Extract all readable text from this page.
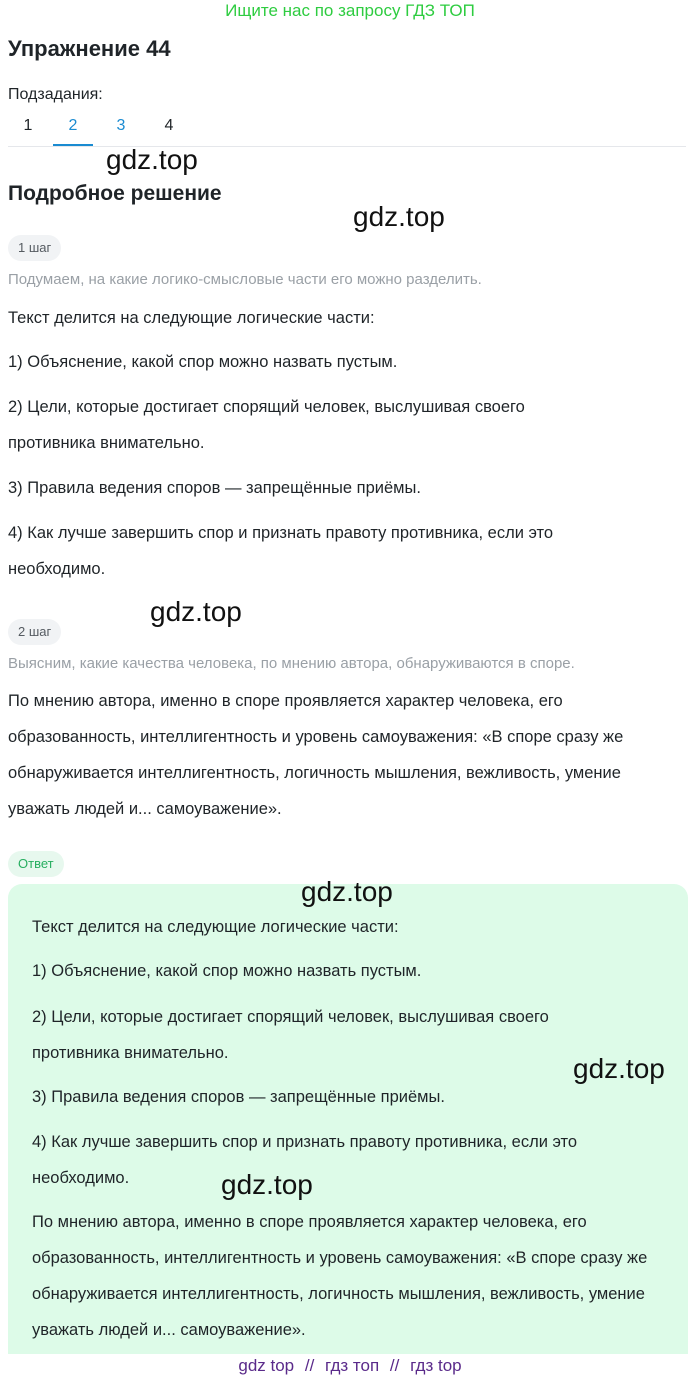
Ищите нас по запросу ГДЗ ТОП
Упражнение 44
Подзадания:
1	2	3	4
Подробное решение
1 шаг
Подумаем, на какие логико-смысловые части его можно разделить.

Текст делится на следующие логические части:

1) Объяснение, какой спор можно назвать пустым.

2) Цели, которые достигает спорящий человек, выслушивая своего противника внимательно.

3) Правила ведения споров — запрещённые приёмы.

4) Как лучше завершить спор и признать правоту противника, если это необходимо.

2 шаг
Выясним, какие качества человека, по мнению автора, обнаруживаются в споре.

По мнению автора, именно в споре проявляется характер человека, его образованность, интеллигентность и уровень самоуважения: «В споре сразу же обнаруживается интеллигентность, логичность мышления, вежливость, умение уважать людей и... самоуважение».

Ответ

Текст делится на следующие логические части:

1) Объяснение, какой спор можно назвать пустым.

2) Цели, которые достигает спорящий человек, выслушивая своего противника внимательно.

3) Правила ведения споров — запрещённые приёмы.

4) Как лучше завершить спор и признать правоту противника, если это необходимо.

По мнению автора, именно в споре проявляется характер человека, его образованность, интеллигентность и уровень самоуважения: «В споре сразу же обнаруживается интеллигентность, логичность мышления, вежливость, умение уважать людей и... самоуважение».

gdz.top
gdz.top
gdz.top
gdz.top
gdz.top
gdz.top
gdz top // гдз топ // гдз top
